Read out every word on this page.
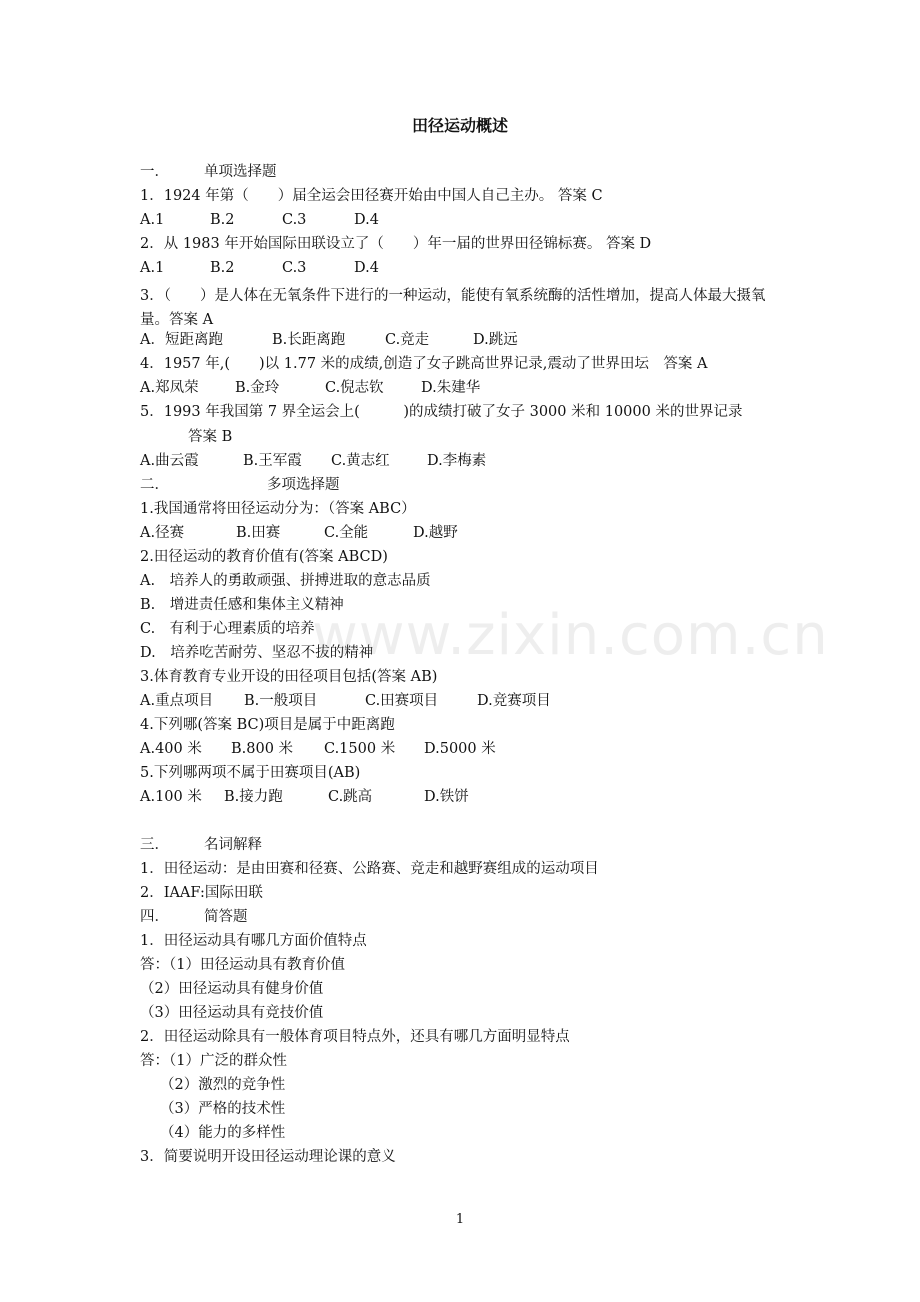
田径运动概述
一． 单项选择题
1．1924 年第（　　）届全运会田径赛开始由中国人自己主办。 答案 C
A.1	B.2	C.3	D.4
2．从 1983 年开始国际田联设立了（　　）年一届的世界田径锦标赛。 答案 D
A.1	B.2	C.3	D.4
3．（　　）是人体在无氧条件下进行的一种运动，能使有氧系统酶的活性增加，提高人体最大摄氧量。答案 A
A．短距离跑	B.长距离跑	C.竞走	D.跳远
4．1957 年,(　　)以 1.77 米的成绩,创造了女子跳高世界记录,震动了世界田坛　答案 A
A.郑凤荣	B.金玲	C.倪志钦	D.朱建华
5．1993 年我国第 7 界全运会上(　　　)的成绩打破了女子 3000 米和 10000 米的世界记录
答案 B
A.曲云霞	B.王军霞 C.黄志红	D.李梅素
二．	多项选择题
1.我国通常将田径运动分为：（答案 ABC）
A.径赛	B.田赛	C.全能	D.越野
2.田径运动的教育价值有(答案 ABCD)
A.　培养人的勇敢顽强、拼搏进取的意志品质
B.　增进责任感和集体主义精神
C.　有利于心理素质的培养
D.　培养吃苦耐劳、坚忍不拔的精神
3.体育教育专业开设的田径项目包括(答案 AB)
A.重点项目 B.一般项目	C.田赛项目	D.竞赛项目
4.下列哪(答案 BC)项目是属于中距离跑
A.400 米 B.800 米 C.1500 米 D.5000 米
5.下列哪两项不属于田赛项目(AB)
A.100 米 B.接力跑	C.跳高	D.铁饼
三． 名词解释
1．田径运动：是由田赛和径赛、公路赛、竞走和越野赛组成的运动项目
2．IAAF:国际田联
四． 简答题
1．田径运动具有哪几方面价值特点
答：（1）田径运动具有教育价值
（2）田径运动具有健身价值
（3）田径运动具有竞技价值
2．田径运动除具有一般体育项目特点外，还具有哪几方面明显特点
答：（1）广泛的群众性
（2）激烈的竞争性
（3）严格的技术性
（4）能力的多样性
3．简要说明开设田径运动理论课的意义
www.zixin.com.cn
1
